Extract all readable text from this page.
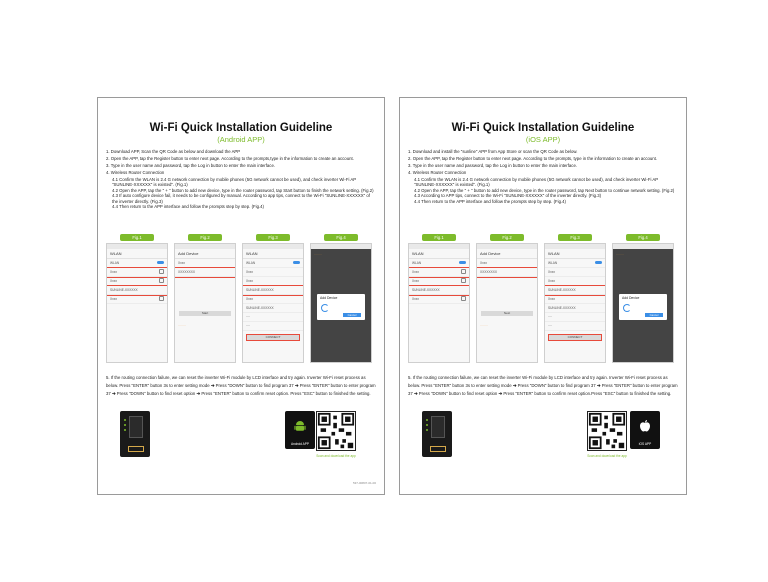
Wi-Fi Quick Installation Guideline
(Android APP)

1. Download APP, Scan the QR Code as below and download the APP

2. Open the APP, tap the Register button to enter next page. According to the prompts,type in the information to create an account.

3. Type in the user name and password, tap the Log in button to enter the main interface.

4. Wireless Router Connection

4.1 Confirm the WLAN is 2.4 G network connection by mobile phones (5G network cannot be used), and check inverter Wi-Fi AP "SUNLINE-XXXXXX" is existed". (Fig.1)

4.2 Open the APP, tap the " + " button to add new device, type in the router password, tap Start button to finish the network setting. (Fig.2)

4.3 If auto configure device fail, it needs to be configured by manual. According to app tips, connect to the Wi-Fi "SUNLINE-XXXXXX" of the inverter directly. (Fig.3)

4.4 Then return to the APP interface and follow the prompts step by step. (Fig.4)

Fig.1
WLAN
WLAN
Xxxx
Xxxx
SUNLINE-XXXXXX
Xxxx
Fig.2
Add Device
Xxxx
XXXXXXXX
Start
········
Fig.3
WLAN
WLAN
Xxxx
Xxxx
SUNLINE-XXXXXX
Xxxx
SUNLINE-XXXXXX
····
····
CONNECT
Fig.4
········
Add Device
Cancel
5. If the routing connection failure, we can reset the inverter Wi-Fi module by LCD interface and try again. Inverter Wi-Fi reset process as below. Press "ENTER" button 3s to enter setting mode ➔ Press "DOWN" button to find program 37 ➔ Press "ENTER" button to enter program 37 ➔ Press "DOWN" button to find reset option ➔ Press "ENTER" button to confirm reset option. Press "ESC" button to finished the setting.
Android APP
Scan and download the app
537-00807-01-00
Wi-Fi Quick Installation Guideline
(iOS APP)

1. Download and install the "sunline" APP from App Store or scan the QR Code as below.

2. Open the APP, tap the Register button to enter next page. According to the prompts, type in the information to create an account.

3. Type in the user name and password, tap the Log in button to enter the main interface.

4. Wireless Router Connection

4.1 Confirm the WLAN is 2.4 G network connection by mobile phones (5G network cannot be used), and check inverter Wi-Fi AP "SUNLINE-XXXXXX" is existed". (Fig.1)

4.2 Open the APP, tap the " + " button to add new device, type in the router password, tap Next button to continue network setting. (Fig.2)

4.3 According to APP tips, connect to the Wi-Fi "SUNLINE-XXXXXX" of the inverter directly. (Fig.3)

4.4 Then return to the APP interface and follow the prompts step by step. (Fig.4)

Fig.1
WLAN
WLAN
Xxxx
Xxxx
SUNLINE-XXXXXX
Xxxx
Fig.2
Add Device
Xxxx
XXXXXXXX
Next
········
Fig.3
WLAN
WLAN
Xxxx
Xxxx
SUNLINE-XXXXXX
Xxxx
SUNLINE-XXXXXX
····
····
CONNECT
Fig.4
········
Add Device
Cancel
5. If the routing connection failure, we can reset the inverter Wi-Fi module by LCD interface and try again. Inverter Wi-Fi reset process as below. Press "ENTER" button 3s to enter setting mode ➔ Press "DOWN" button to find program 37 ➔ Press "ENTER" button to enter program 37 ➔ Press "DOWN" button to find reset option ➔ Press "ENTER" button to confirm reset option.Press "ESC" button to finished the setting.
iOS APP
Scan and download the app
